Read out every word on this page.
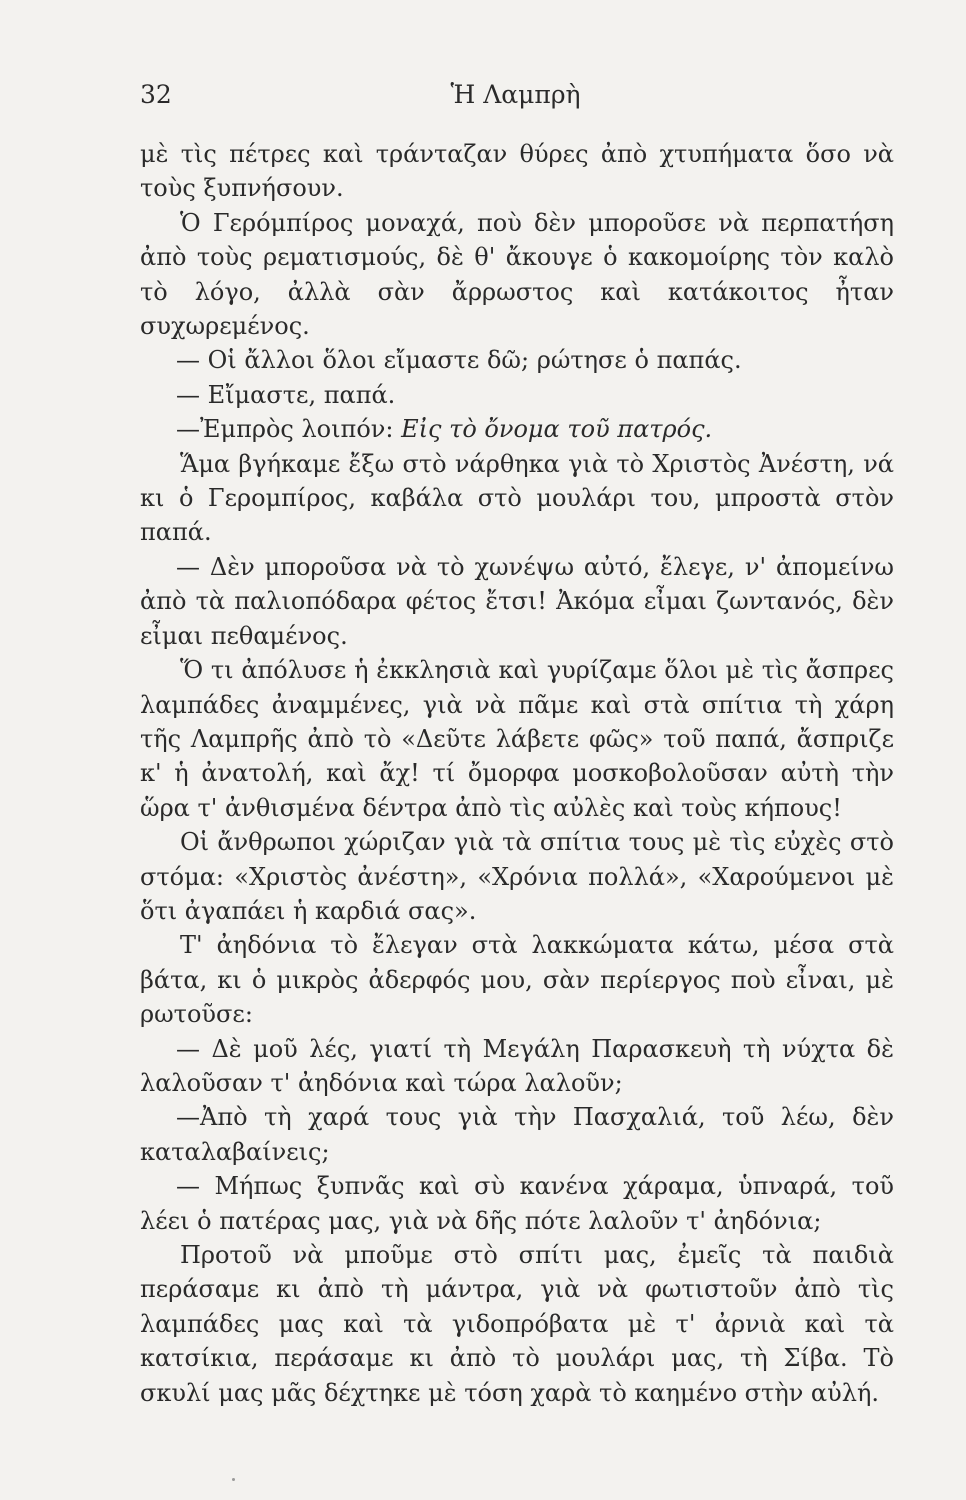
32	Ἡ Λαμπρὴ

μὲ τὶς πέτρες καὶ τράνταζαν θύρες ἀπὸ χτυπήματα ὅσο νὰ τοὺς ξυπνήσουν.

Ὁ Γερόμπίρος μοναχά, ποὺ δὲν μποροῦσε νὰ περπατήση ἀπὸ τοὺς ρεματισμούς, δὲ θ' ἄκουγε ὁ κακομοίρης τὸν καλὸ τὸ λόγο, ἀλλὰ σὰν ἄρρωστος καὶ κατάκοιτος ἦταν συχωρεμένος.

— Οἱ ἄλλοι ὅλοι εἴμαστε δῶ; ρώτησε ὁ παπάς.

— Εἴμαστε, παπά.

—Ἐμπρὸς λοιπόν: Εἰς τὸ ὄνομα τοῦ πατρός.

Ἅμα βγήκαμε ἔξω στὸ νάρθηκα γιὰ τὸ Χριστὸς Ἀνέστη, νά κι ὁ Γερομπίρος, καβάλα στὸ μουλάρι του, μπροστὰ στὸν παπά.

— Δὲν μποροῦσα νὰ τὸ χωνέψω αὐτό, ἔλεγε, ν' ἀπομείνω ἀπὸ τὰ παλιοπόδαρα φέτος ἔτσι! Ἀκόμα εἶμαι ζωντανός, δὲν εἶμαι πεθαμένος.

Ὅ τι ἀπόλυσε ἡ ἐκκλησιὰ καὶ γυρίζαμε ὅλοι μὲ τὶς ἄσπρες λαμπάδες ἀναμμένες, γιὰ νὰ πᾶμε καὶ στὰ σπίτια τὴ χάρη τῆς Λαμπρῆς ἀπὸ τὸ «Δεῦτε λάβετε φῶς» τοῦ παπά, ἄσπριζε κ' ἡ ἀνατολή, καὶ ἄχ! τί ὄμορφα μοσκοβολοῦσαν αὐτὴ τὴν ὥρα τ' ἀνθισμένα δέντρα ἀπὸ τὶς αὐλὲς καὶ τοὺς κήπους!

Οἱ ἄνθρωποι χώριζαν γιὰ τὰ σπίτια τους μὲ τὶς εὐχὲς στὸ στόμα: «Χριστὸς ἀνέστη», «Χρόνια πολλά», «Χαρούμενοι μὲ ὅτι ἀγαπάει ἡ καρδιά σας».

Τ' ἀηδόνια τὸ ἔλεγαν στὰ λακκώματα κάτω, μέσα στὰ βάτα, κι ὁ μικρὸς ἀδερφός μου, σὰν περίεργος ποὺ εἶναι, μὲ ρωτοῦσε:

— Δὲ μοῦ λές, γιατί τὴ Μεγάλη Παρασκευὴ τὴ νύχτα δὲ λαλοῦσαν τ' ἀηδόνια καὶ τώρα λαλοῦν;

—Ἀπὸ τὴ χαρά τους γιὰ τὴν Πασχαλιά, τοῦ λέω, δὲν καταλαβαίνεις;

— Μήπως ξυπνᾶς καὶ σὺ κανένα χάραμα, ὑπναρά, τοῦ λέει ὁ πατέρας μας, γιὰ νὰ δῆς πότε λαλοῦν τ' ἀηδόνια;

Προτοῦ νὰ μποῦμε στὸ σπίτι μας, ἐμεῖς τὰ παιδιὰ περάσαμε κι ἀπὸ τὴ μάντρα, γιὰ νὰ φωτιστοῦν ἀπὸ τὶς λαμπάδες μας καὶ τὰ γιδοπρόβατα μὲ τ' ἀρνιὰ καὶ τὰ κατσίκια, περάσαμε κι ἀπὸ τὸ μουλάρι μας, τὴ Σίβα. Τὸ σκυλί μας μᾶς δέχτηκε μὲ τόση χαρὰ τὸ καημένο στὴν αὐλή.
